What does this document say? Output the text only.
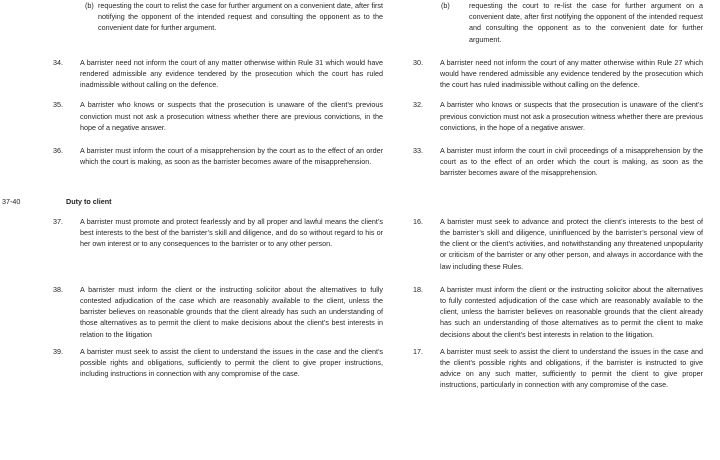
(b) requesting the court to relist the case for further argument on a convenient date, after first notifying the opponent of the intended request and consulting the opponent as to the convenient date for further argument.
(b)	requesting the court to re-list the case for further argument on a convenient date, after first notifying the opponent of the intended request and consulting the opponent as to the convenient date for further argument.
34.	A barrister need not inform the court of any matter otherwise within Rule 31 which would have rendered admissible any evidence tendered by the prosecution which the court has ruled inadmissible without calling on the defence.
30.	A barrister need not inform the court of any matter otherwise within Rule 27 which would have rendered admissible any evidence tendered by the prosecution which the court has ruled inadmissible without calling on the defence.
35.	A barrister who knows or suspects that the prosecution is unaware of the client’s previous conviction must not ask a prosecution witness whether there are previous convictions, in the hope of a negative answer.
32.	A barrister who knows or suspects that the prosecution is unaware of the client’s previous conviction must not ask a prosecution witness whether there are previous convictions, in the hope of a negative answer.
36.	A barrister must inform the court of a misapprehension by the court as to the effect of an order which the court is making, as soon as the barrister becomes aware of the misapprehension.
33.	A barrister must inform the court in civil proceedings of a misapprehension by the court as to the effect of an order which the court is making, as soon as the barrister becomes aware of the misapprehension.
37-40	Duty to client
37.	A barrister must promote and protect fearlessly and by all proper and lawful means the client’s best interests to the best of the barrister’s skill and diligence, and do so without regard to his or her own interest or to any consequences to the barrister or to any other person.
16.	A barrister must seek to advance and protect the client’s interests to the best of the barrister’s skill and diligence, uninfluenced by the barrister’s personal view of the client or the client’s activities, and notwithstanding any threatened unpopularity or criticism of the barrister or any other person, and always in accordance with the law including these Rules.
38.	A barrister must inform the client or the instructing solicitor about the alternatives to fully contested adjudication of the case which are reasonably available to the client, unless the barrister believes on reasonable grounds that the client already has such an understanding of those alternatives as to permit the client to make decisions about the client’s best interests in relation to the litigation
18.	A barrister must inform the client or the instructing solicitor about the alternatives to fully contested adjudication of the case which are reasonably available to the client, unless the barrister believes on reasonable grounds that the client already has such an understanding of those alternatives as to permit the client to make decisions about the client’s best interests in relation to the litigation.
39.	A barrister must seek to assist the client to understand the issues in the case and the client’s possible rights and obligations, sufficiently to permit the client to give proper instructions, including instructions in connection with any compromise of the case.
17.	A barrister must seek to assist the client to understand the issues in the case and the client’s possible rights and obligations, if the barrister is instructed to give advice on any such matter, sufficiently to permit the client to give proper instructions, particularly in connection with any compromise of the case.
